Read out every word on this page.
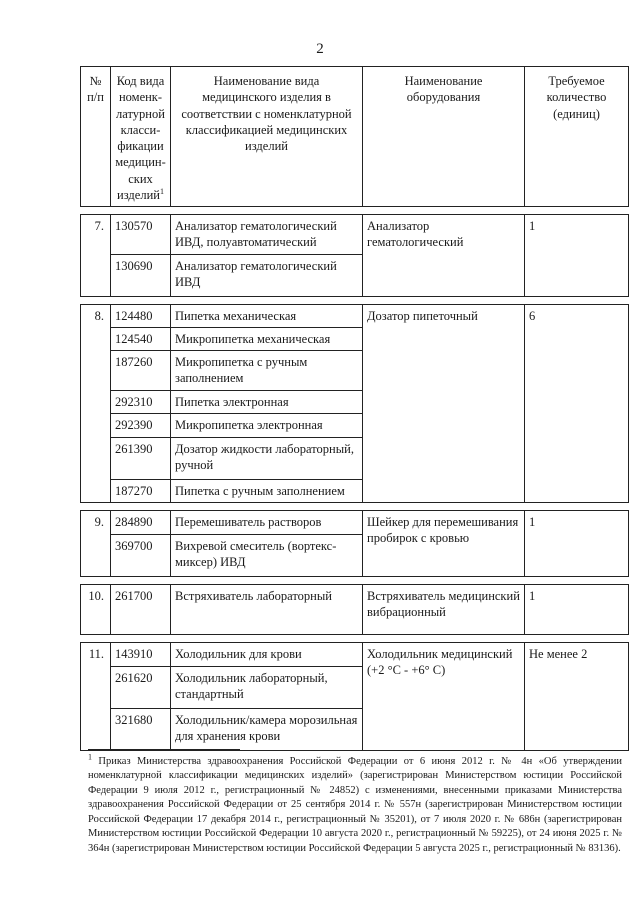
2
№ п/п	Код вида номенк-латурной класси-фикации медицин-ских изделий$^1$	Наименование вида медицинского изделия в соответствии с номенклатурной классификацией медицинских изделий	Наименование оборудования	Требуемое количество (единиц)

7.	130570	Анализатор гематологический ИВД, полуавтоматический	Анализатор гематологический	1
	130690	Анализатор гематологический ИВД		

8.	124480	Пипетка механическая	Дозатор пипеточный	6
	124540	Микропипетка механическая		
	187260	Микропипетка с ручным заполнением		
	292310	Пипетка электронная		
	292390	Микропипетка электронная		
	261390	Дозатор жидкости лабораторный, ручной		
	187270	Пипетка с ручным заполнением		

9.	284890	Перемешиватель растворов	Шейкер для перемешивания пробирок с кровью	1
	369700	Вихревой смеситель (вортекс-миксер) ИВД		

10.	261700	Встряхиватель лабораторный	Встряхиватель медицинский вибрационный	1

11.	143910	Холодильник для крови	Холодильник медицинский (+2 °С - +6° С)	Не менее 2
	261620	Холодильник лабораторный, стандартный		
	321680	Холодильник/камера морозильная для хранения крови		
$^1$ Приказ Министерства здравоохранения Российской Федерации от 6 июня 2012 г. № 4н «Об утверждении номенклатурной классификации медицинских изделий» (зарегистрирован Министерством юстиции Российской Федерации 9 июля 2012 г., регистрационный № 24852) с изменениями, внесенными приказами Министерства здравоохранения Российской Федерации от 25 сентября 2014 г. № 557н (зарегистрирован Министерством юстиции Российской Федерации 17 декабря 2014 г., регистрационный № 35201), от 7 июля 2020 г. № 686н (зарегистрирован Министерством юстиции Российской Федерации 10 августа 2020 г., регистрационный № 59225), от 24 июня 2025 г. № 364н (зарегистрирован Министерством юстиции Российской Федерации 5 августа 2025 г., регистрационный № 83136).
